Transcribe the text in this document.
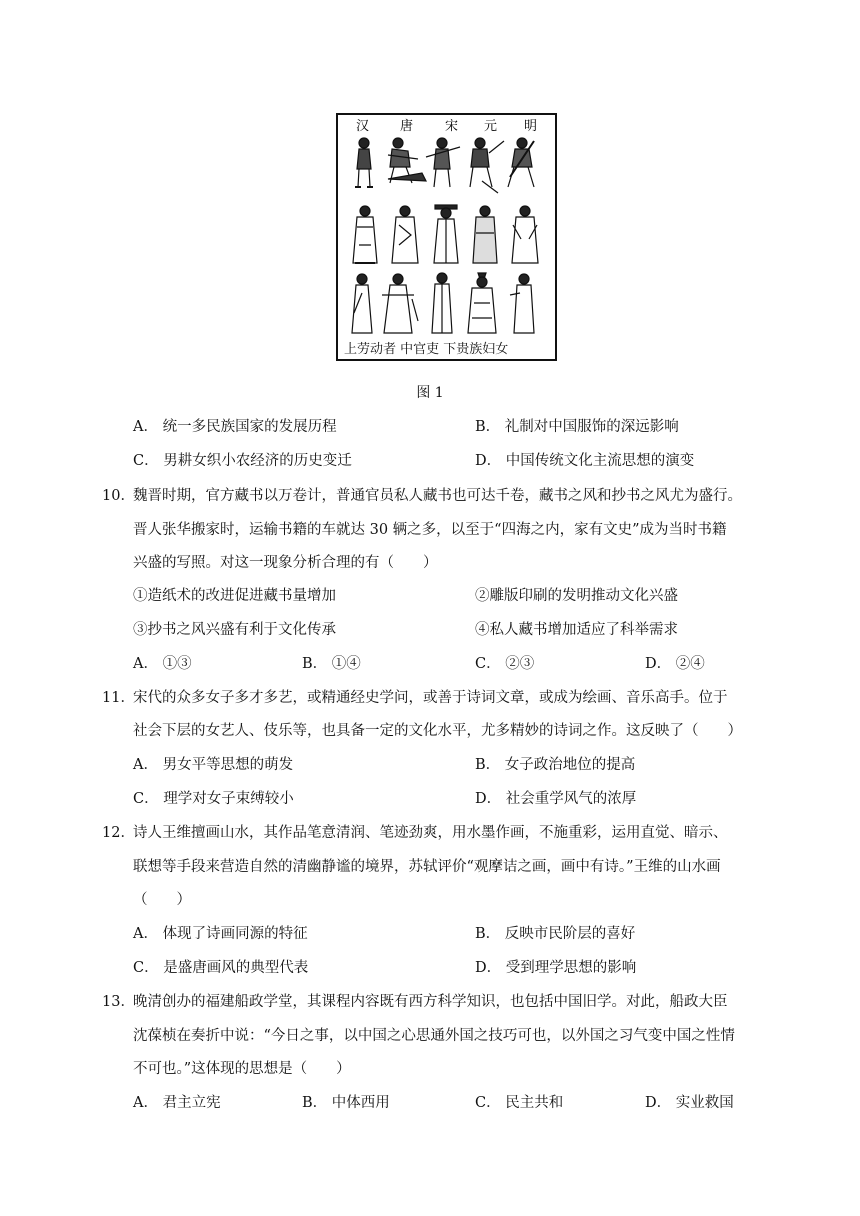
汉 唐 宋 元 明
上劳动者 中官吏 下贵族妇女
图 1
A． 统一多民族国家的发展历程	B． 礼制对中国服饰的深远影响
C． 男耕女织小农经济的历史变迁	D． 中国传统文化主流思想的演变
10．
魏晋时期，官方藏书以万卷计，普通官员私人藏书也可达千卷，藏书之风和抄书之风尤为盛行。
晋人张华搬家时，运输书籍的车就达 30 辆之多，以至于“四海之内，家有文史”成为当时书籍
兴盛的写照。对这一现象分析合理的有（　　）
①造纸术的改进促进藏书量增加	②雕版印刷的发明推动文化兴盛
③抄书之风兴盛有利于文化传承	④私人藏书增加适应了科举需求
A． ①③	B． ①④	C． ②③	D． ②④
11．
宋代的众多女子多才多艺，或精通经史学问，或善于诗词文章，或成为绘画、音乐高手。位于
社会下层的女艺人、伎乐等，也具备一定的文化水平，尤多精妙的诗词之作。这反映了（　　）
A． 男女平等思想的萌发	B． 女子政治地位的提高
C． 理学对女子束缚较小	D． 社会重学风气的浓厚
12．
诗人王维擅画山水，其作品笔意清润、笔迹劲爽，用水墨作画，不施重彩，运用直觉、暗示、
联想等手段来营造自然的清幽静谧的境界，苏轼评价“观摩诘之画，画中有诗。”王维的山水画
（　　）
A． 体现了诗画同源的特征	B． 反映市民阶层的喜好
C． 是盛唐画风的典型代表	D． 受到理学思想的影响
13．
晚清创办的福建船政学堂，其课程内容既有西方科学知识，也包括中国旧学。对此，船政大臣
沈葆桢在奏折中说：“今日之事，以中国之心思通外国之技巧可也，以外国之习气变中国之性情
不可也。”这体现的思想是（　　）
A． 君主立宪	B． 中体西用	C． 民主共和	D． 实业救国
